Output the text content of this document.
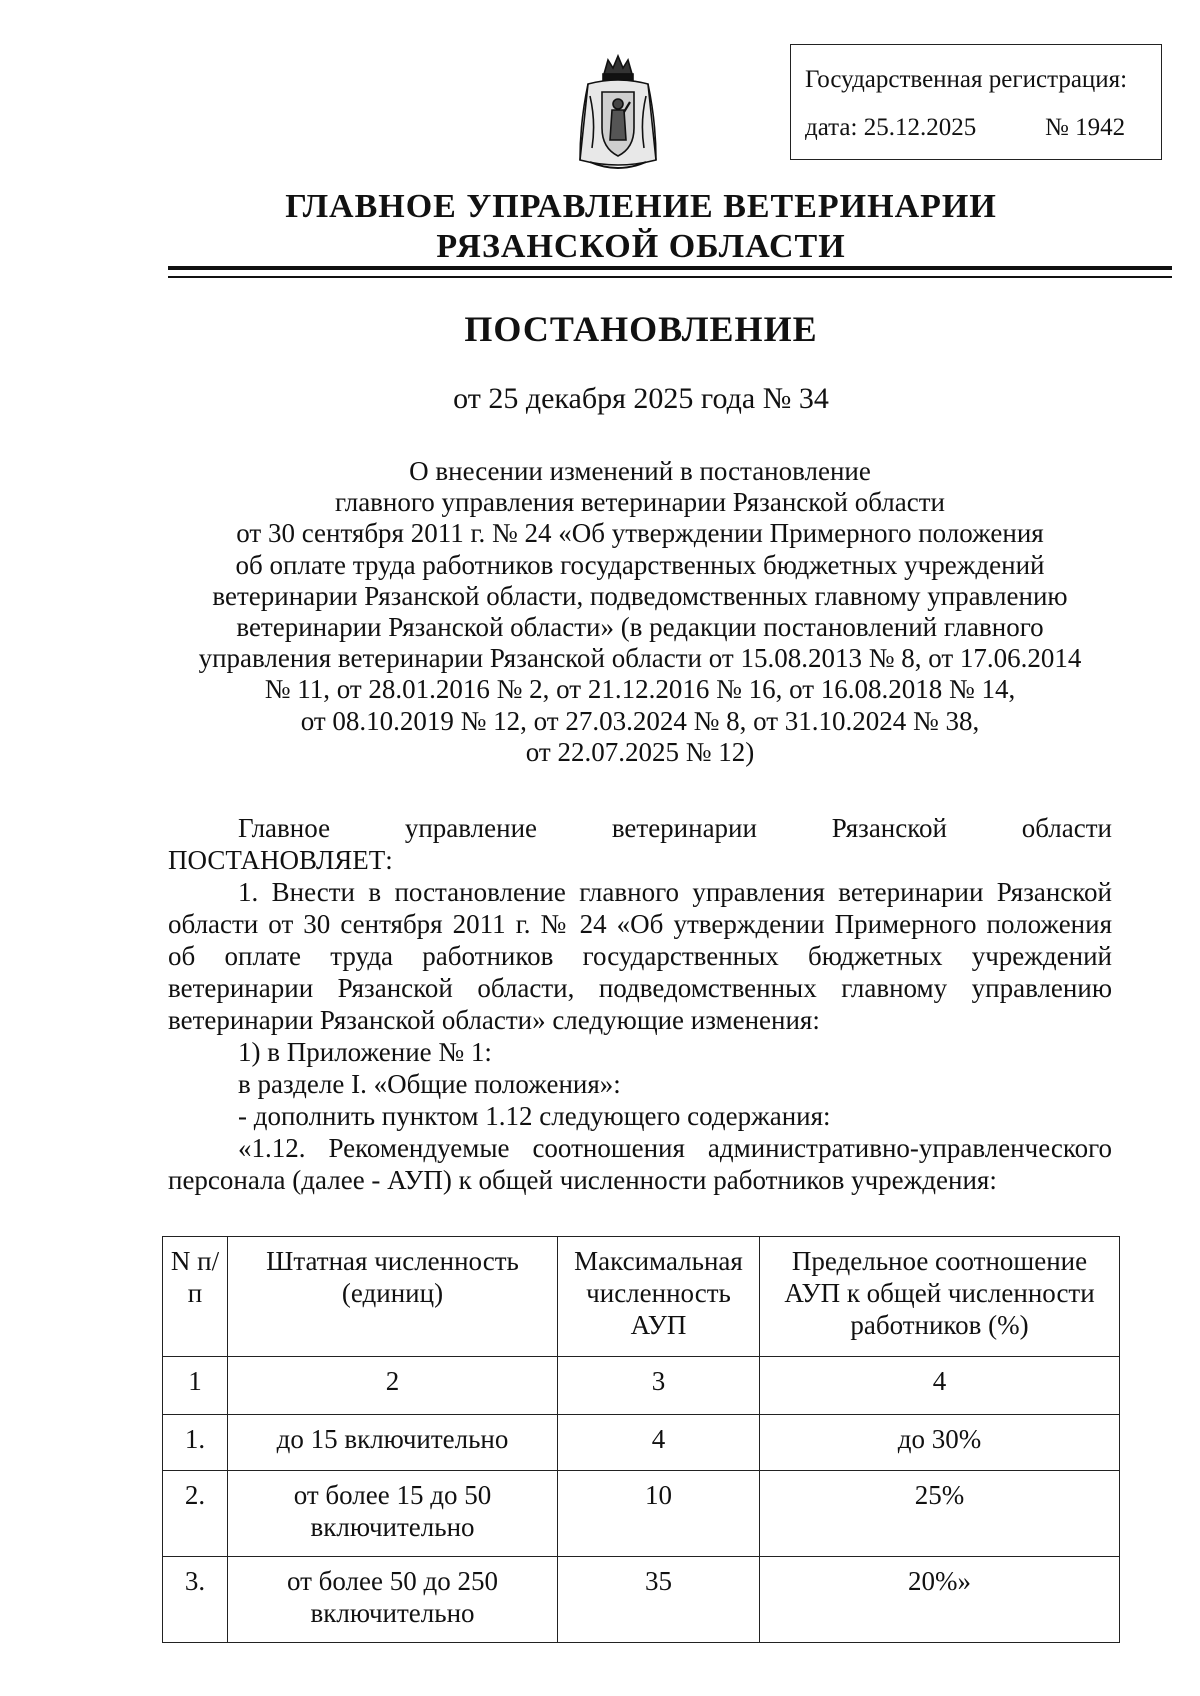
Государственная регистрация:
дата: 25.12.2025	№ 1942
ГЛАВНОЕ УПРАВЛЕНИЕ ВЕТЕРИНАРИИ
РЯЗАНСКОЙ ОБЛАСТИ
ПОСТАНОВЛЕНИЕ
от 25 декабря 2025 года № 34
О внесении изменений в постановление
главного управления ветеринарии Рязанской области
от 30 сентября 2011 г. № 24 «Об утверждении Примерного положения
об оплате труда работников государственных бюджетных учреждений
ветеринарии Рязанской области, подведомственных главному управлению
ветеринарии Рязанской области» (в редакции постановлений главного
управления ветеринарии Рязанской области от 15.08.2013 № 8, от 17.06.2014
№ 11, от 28.01.2016 № 2, от 21.12.2016 № 16, от 16.08.2018 № 14,
от 08.10.2019 № 12, от 27.03.2024 № 8, от 31.10.2024 № 38,
от 22.07.2025 № 12)
Главное управление ветеринарии Рязанской области
ПОСТАНОВЛЯЕТ:
1. Внести в постановление главного управления ветеринарии Рязанской
области от 30 сентября 2011 г. № 24 «Об утверждении Примерного положения
об оплате труда работников государственных бюджетных учреждений
ветеринарии Рязанской области, подведомственных главному управлению
ветеринарии Рязанской области» следующие изменения:
1) в Приложение № 1:
в разделе I. «Общие положения»:
- дополнить пунктом 1.12 следующего содержания:
«1.12. Рекомендуемые соотношения административно-управленческого
персонала (далее - АУП) к общей численности работников учреждения:
N п/п	Штатная численность (единиц)	Максимальная численность АУП	Предельное соотношение АУП к общей численности работников (%)
1	2	3	4
1.	до 15 включительно	4	до 30%
2.	от более 15 до 50 включительно	10	25%
3.	от более 50 до 250 включительно	35	20%»
